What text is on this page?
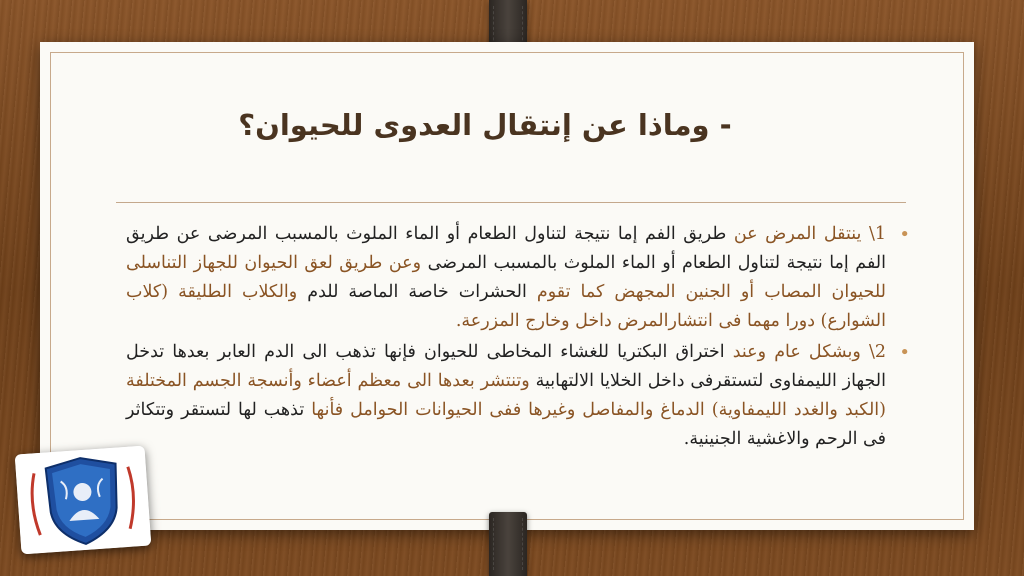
- وماذا عن إنتقال العدوى للحيوان؟

•
1\ ينتقل المرض عن طريق الفم إما نتيجة لتناول الطعام أو الماء الملوث بالمسبب المرضى عن طريق الفم إما نتيجة لتناول الطعام أو الماء الملوث بالمسبب المرضى وعن طريق لعق الحيوان للجهاز التناسلى للحيوان المصاب أو الجنين المجهض كما تقوم الحشرات خاصة الماصة للدم والكلاب الطليقة (كلاب الشوارع) دورا مهما فى انتشارالمرض داخل وخارج المزرعة.

•
2\ وبشكل عام وعند اختراق البكتريا للغشاء المخاطى للحيوان فإنها تذهب الى الدم العابر بعدها تدخل الجهاز الليمفاوى لتستقرفى داخل الخلايا الالتهابية وتنتشر بعدها الى معظم أعضاء وأنسجة الجسم المختلفة (الكبد والغدد الليمفاوية) الدماغ والمفاصل وغيرها ففى الحيوانات الحوامل فأنها تذهب لها لتستقر وتتكاثر فى الرحم والاغشية الجنينية.
